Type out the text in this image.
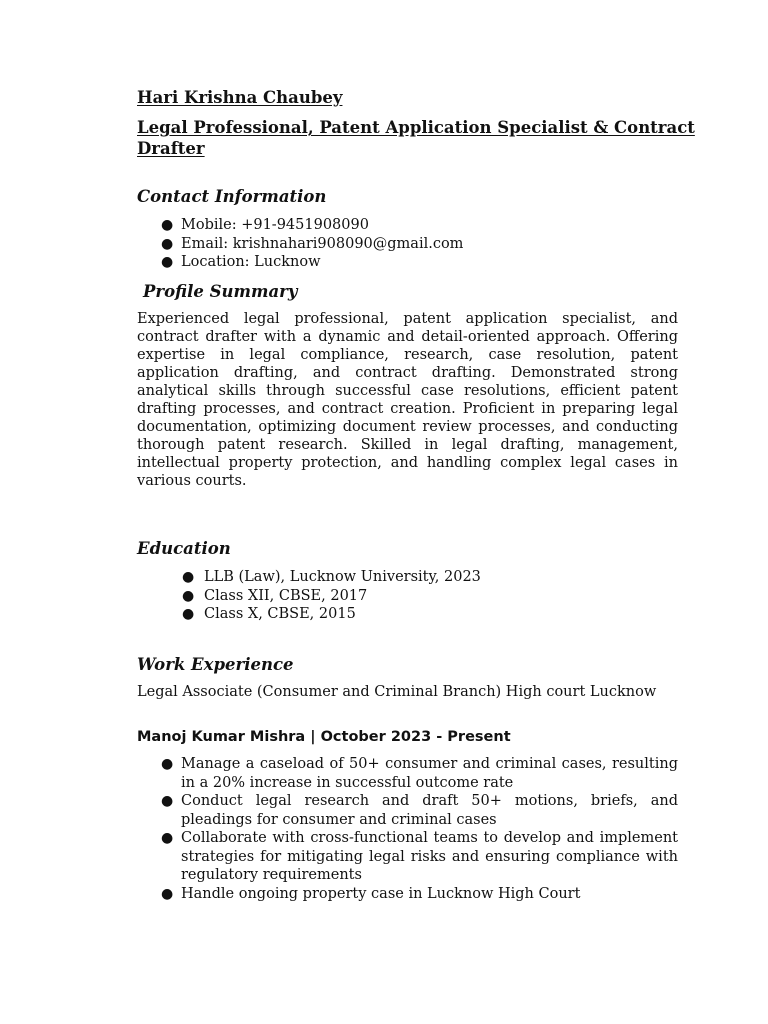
Hari Krishna Chaubey
Legal Professional, Patent Application Specialist & Contract Drafter
Contact Information
● Mobile: +91-9451908090
● Email: krishnahari908090@gmail.com
● Location: Lucknow
Profile Summary

Experienced legal professional, patent application specialist, and contract drafter with a dynamic and detail-oriented approach. Offering expertise in legal compliance, research, case resolution, patent application drafting, and contract drafting. Demonstrated strong analytical skills through successful case resolutions, efficient patent drafting processes, and contract creation. Proficient in preparing legal documentation, optimizing document review processes, and conducting thorough patent research. Skilled in legal drafting, management, intellectual property protection, and handling complex legal cases in various courts.

Education
● LLB (Law), Lucknow University, 2023
● Class XII, CBSE, 2017
● Class X, CBSE, 2015
Work Experience
Legal Associate (Consumer and Criminal Branch) High court Lucknow
Manoj Kumar Mishra | October 2023 - Present
● Manage a caseload of 50+ consumer and criminal cases, resulting in a 20% increase in successful outcome rate
● Conduct legal research and draft 50+ motions, briefs, and pleadings for consumer and criminal cases
● Collaborate with cross-functional teams to develop and implement strategies for mitigating legal risks and ensuring compliance with regulatory requirements
● Handle ongoing property case in Lucknow High Court
